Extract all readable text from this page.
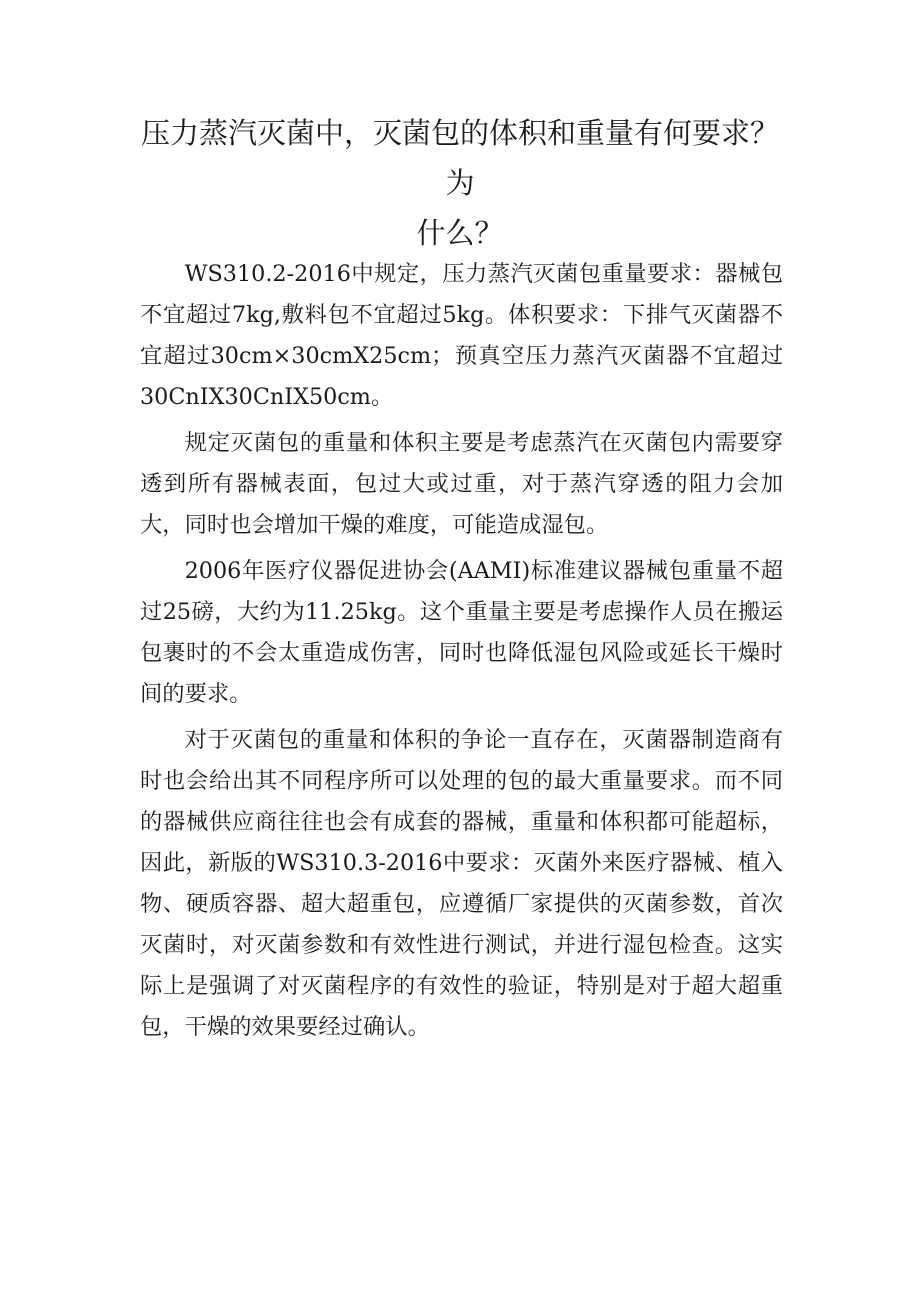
压力蒸汽灭菌中，灭菌包的体积和重量有何要求？为
什么？

WS310.2-2016中规定，压力蒸汽灭菌包重量要求：器械包不宜超过7kg,敷料包不宜超过5kg。体积要求：下排气灭菌器不宜超过30cm×30cmX25cm；预真空压力蒸汽灭菌器不宜超过30CnIX30CnIX50cm。

规定灭菌包的重量和体积主要是考虑蒸汽在灭菌包内需要穿透到所有器械表面，包过大或过重，对于蒸汽穿透的阻力会加大，同时也会增加干燥的难度，可能造成湿包。

2006年医疗仪器促进协会(AAMI)标准建议器械包重量不超过25磅，大约为11.25kg。这个重量主要是考虑操作人员在搬运包裹时的不会太重造成伤害，同时也降低湿包风险或延长干燥时间的要求。

对于灭菌包的重量和体积的争论一直存在，灭菌器制造商有时也会给出其不同程序所可以处理的包的最大重量要求。而不同的器械供应商往往也会有成套的器械，重量和体积都可能超标，因此，新版的WS310.3-2016中要求：灭菌外来医疗器械、植入物、硬质容器、超大超重包，应遵循厂家提供的灭菌参数，首次灭菌时，对灭菌参数和有效性进行测试，并进行湿包检查。这实际上是强调了对灭菌程序的有效性的验证，特别是对于超大超重包，干燥的效果要经过确认。
